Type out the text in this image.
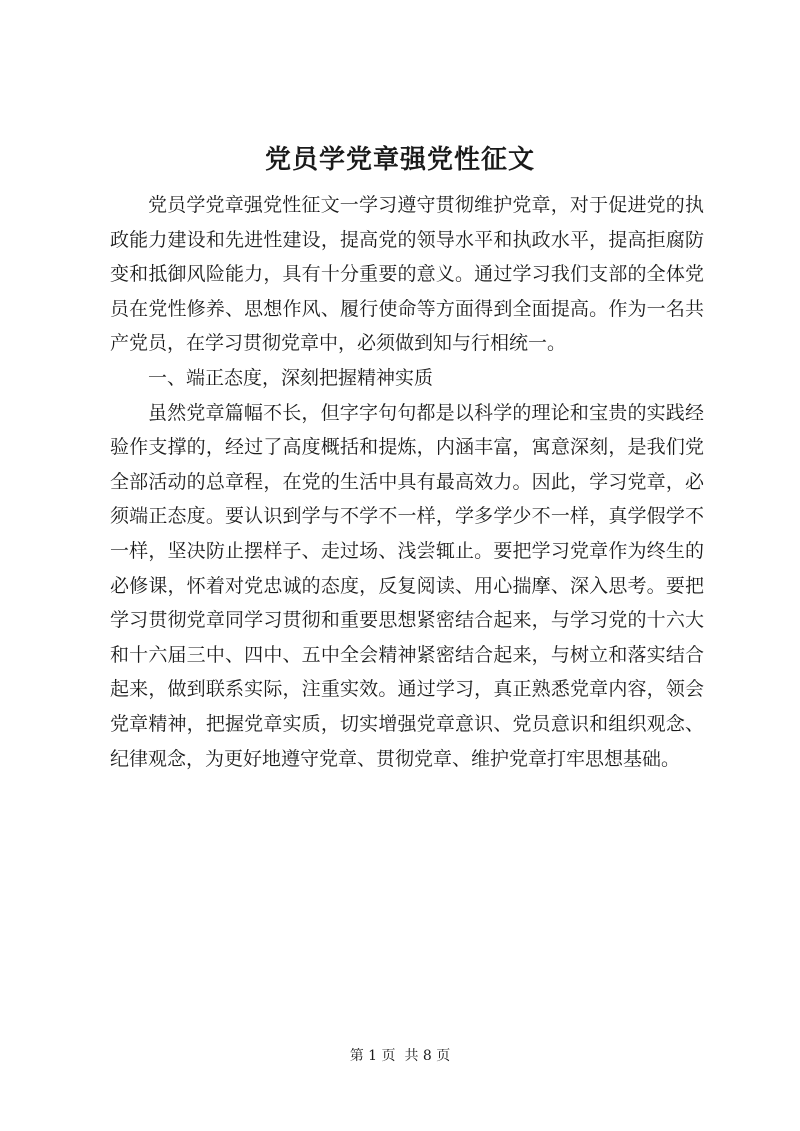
党员学党章强党性征文

党员学党章强党性征文一学习遵守贯彻维护党章，对于促进党的执政能力建设和先进性建设，提高党的领导水平和执政水平，提高拒腐防变和抵御风险能力，具有十分重要的意义。通过学习我们支部的全体党员在党性修养、思想作风、履行使命等方面得到全面提高。作为一名共产党员，在学习贯彻党章中，必须做到知与行相统一。

一、端正态度，深刻把握精神实质

虽然党章篇幅不长，但字字句句都是以科学的理论和宝贵的实践经验作支撑的，经过了高度概括和提炼，内涵丰富，寓意深刻，是我们党全部活动的总章程，在党的生活中具有最高效力。因此，学习党章，必须端正态度。要认识到学与不学不一样，学多学少不一样，真学假学不一样，坚决防止摆样子、走过场、浅尝辄止。要把学习党章作为终生的必修课，怀着对党忠诚的态度，反复阅读、用心揣摩、深入思考。要把学习贯彻党章同学习贯彻和重要思想紧密结合起来，与学习党的十六大和十六届三中、四中、五中全会精神紧密结合起来，与树立和落实结合起来，做到联系实际，注重实效。通过学习，真正熟悉党章内容，领会党章精神，把握党章实质，切实增强党章意识、党员意识和组织观念、纪律观念，为更好地遵守党章、贯彻党章、维护党章打牢思想基础。

第 1 页  共 8 页
